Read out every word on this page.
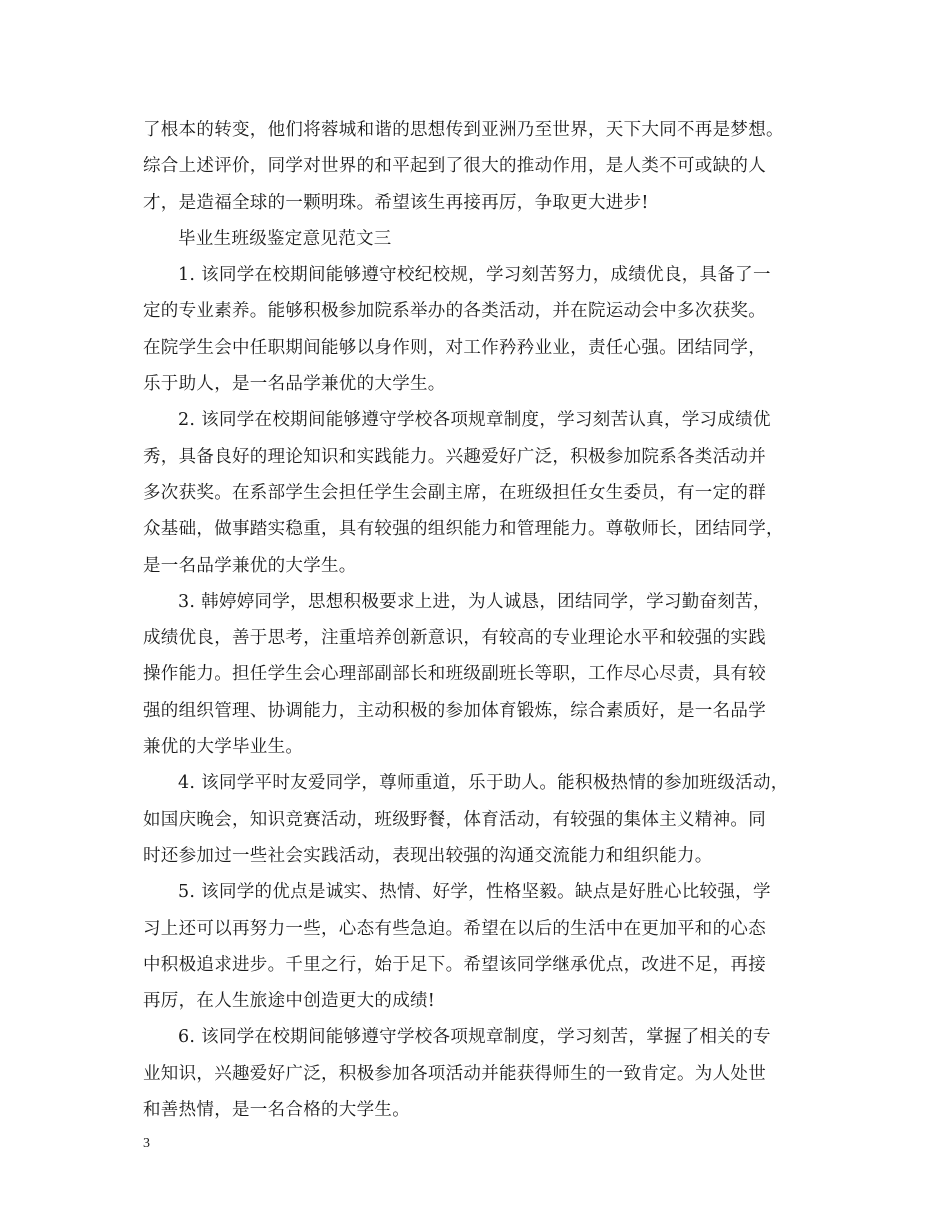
了根本的转变，他们将蓉城和谐的思想传到亚洲乃至世界，天下大同不再是梦想。
综合上述评价，同学对世界的和平起到了很大的推动作用，是人类不可或缺的人
才，是造福全球的一颗明珠。希望该生再接再厉，争取更大进步!
毕业生班级鉴定意见范文三
1. 该同学在校期间能够遵守校纪校规，学习刻苦努力，成绩优良，具备了一
定的专业素养。能够积极参加院系举办的各类活动，并在院运动会中多次获奖。
在院学生会中任职期间能够以身作则，对工作矜矜业业，责任心强。团结同学，
乐于助人，是一名品学兼优的大学生。
2. 该同学在校期间能够遵守学校各项规章制度，学习刻苦认真，学习成绩优
秀，具备良好的理论知识和实践能力。兴趣爱好广泛，积极参加院系各类活动并
多次获奖。在系部学生会担任学生会副主席，在班级担任女生委员，有一定的群
众基础，做事踏实稳重，具有较强的组织能力和管理能力。尊敬师长，团结同学，
是一名品学兼优的大学生。
3. 韩婷婷同学，思想积极要求上进，为人诚恳，团结同学，学习勤奋刻苦，
成绩优良，善于思考，注重培养创新意识，有较高的专业理论水平和较强的实践
操作能力。担任学生会心理部副部长和班级副班长等职，工作尽心尽责，具有较
强的组织管理、协调能力，主动积极的参加体育锻炼，综合素质好，是一名品学
兼优的大学毕业生。
4. 该同学平时友爱同学，尊师重道，乐于助人。能积极热情的参加班级活动，
如国庆晚会，知识竞赛活动，班级野餐，体育活动，有较强的集体主义精神。同
时还参加过一些社会实践活动，表现出较强的沟通交流能力和组织能力。
5. 该同学的优点是诚实、热情、好学，性格坚毅。缺点是好胜心比较强，学
习上还可以再努力一些，心态有些急迫。希望在以后的生活中在更加平和的心态
中积极追求进步。千里之行，始于足下。希望该同学继承优点，改进不足，再接
再厉，在人生旅途中创造更大的成绩!
6. 该同学在校期间能够遵守学校各项规章制度，学习刻苦，掌握了相关的专
业知识，兴趣爱好广泛，积极参加各项活动并能获得师生的一致肯定。为人处世
和善热情，是一名合格的大学生。
3
